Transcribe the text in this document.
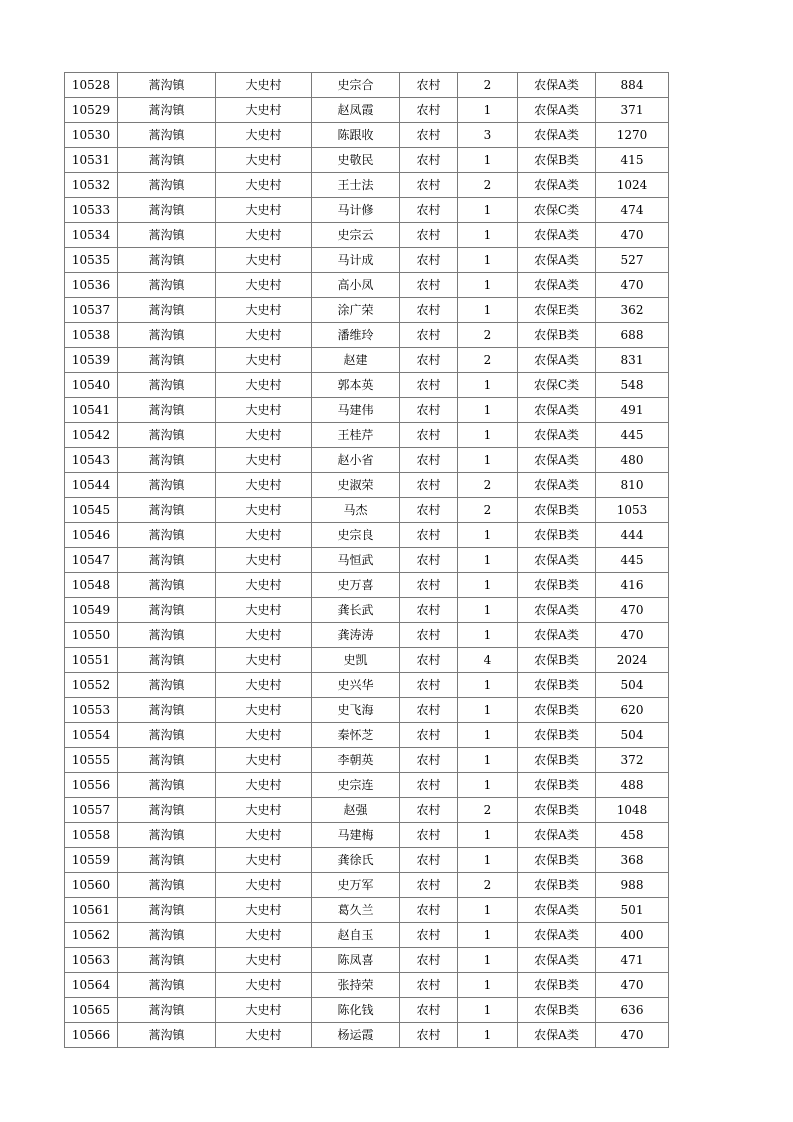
10528	蒿沟镇	大史村	史宗合	农村	2	农保A类	884
10529	蒿沟镇	大史村	赵凤霞	农村	1	农保A类	371
10530	蒿沟镇	大史村	陈跟收	农村	3	农保A类	1270
10531	蒿沟镇	大史村	史敬民	农村	1	农保B类	415
10532	蒿沟镇	大史村	王士法	农村	2	农保A类	1024
10533	蒿沟镇	大史村	马计修	农村	1	农保C类	474
10534	蒿沟镇	大史村	史宗云	农村	1	农保A类	470
10535	蒿沟镇	大史村	马计成	农村	1	农保A类	527
10536	蒿沟镇	大史村	高小凤	农村	1	农保A类	470
10537	蒿沟镇	大史村	涂广荣	农村	1	农保E类	362
10538	蒿沟镇	大史村	潘维玲	农村	2	农保B类	688
10539	蒿沟镇	大史村	赵建	农村	2	农保A类	831
10540	蒿沟镇	大史村	郭本英	农村	1	农保C类	548
10541	蒿沟镇	大史村	马建伟	农村	1	农保A类	491
10542	蒿沟镇	大史村	王桂芹	农村	1	农保A类	445
10543	蒿沟镇	大史村	赵小省	农村	1	农保A类	480
10544	蒿沟镇	大史村	史淑荣	农村	2	农保A类	810
10545	蒿沟镇	大史村	马杰	农村	2	农保B类	1053
10546	蒿沟镇	大史村	史宗良	农村	1	农保B类	444
10547	蒿沟镇	大史村	马恒武	农村	1	农保A类	445
10548	蒿沟镇	大史村	史万喜	农村	1	农保B类	416
10549	蒿沟镇	大史村	龚长武	农村	1	农保A类	470
10550	蒿沟镇	大史村	龚涛涛	农村	1	农保A类	470
10551	蒿沟镇	大史村	史凯	农村	4	农保B类	2024
10552	蒿沟镇	大史村	史兴华	农村	1	农保B类	504
10553	蒿沟镇	大史村	史飞海	农村	1	农保B类	620
10554	蒿沟镇	大史村	秦怀芝	农村	1	农保B类	504
10555	蒿沟镇	大史村	李朝英	农村	1	农保B类	372
10556	蒿沟镇	大史村	史宗连	农村	1	农保B类	488
10557	蒿沟镇	大史村	赵强	农村	2	农保B类	1048
10558	蒿沟镇	大史村	马建梅	农村	1	农保A类	458
10559	蒿沟镇	大史村	龚徐氏	农村	1	农保B类	368
10560	蒿沟镇	大史村	史万军	农村	2	农保B类	988
10561	蒿沟镇	大史村	葛久兰	农村	1	农保A类	501
10562	蒿沟镇	大史村	赵自玉	农村	1	农保A类	400
10563	蒿沟镇	大史村	陈凤喜	农村	1	农保A类	471
10564	蒿沟镇	大史村	张持荣	农村	1	农保B类	470
10565	蒿沟镇	大史村	陈化钱	农村	1	农保B类	636
10566	蒿沟镇	大史村	杨运霞	农村	1	农保A类	470
